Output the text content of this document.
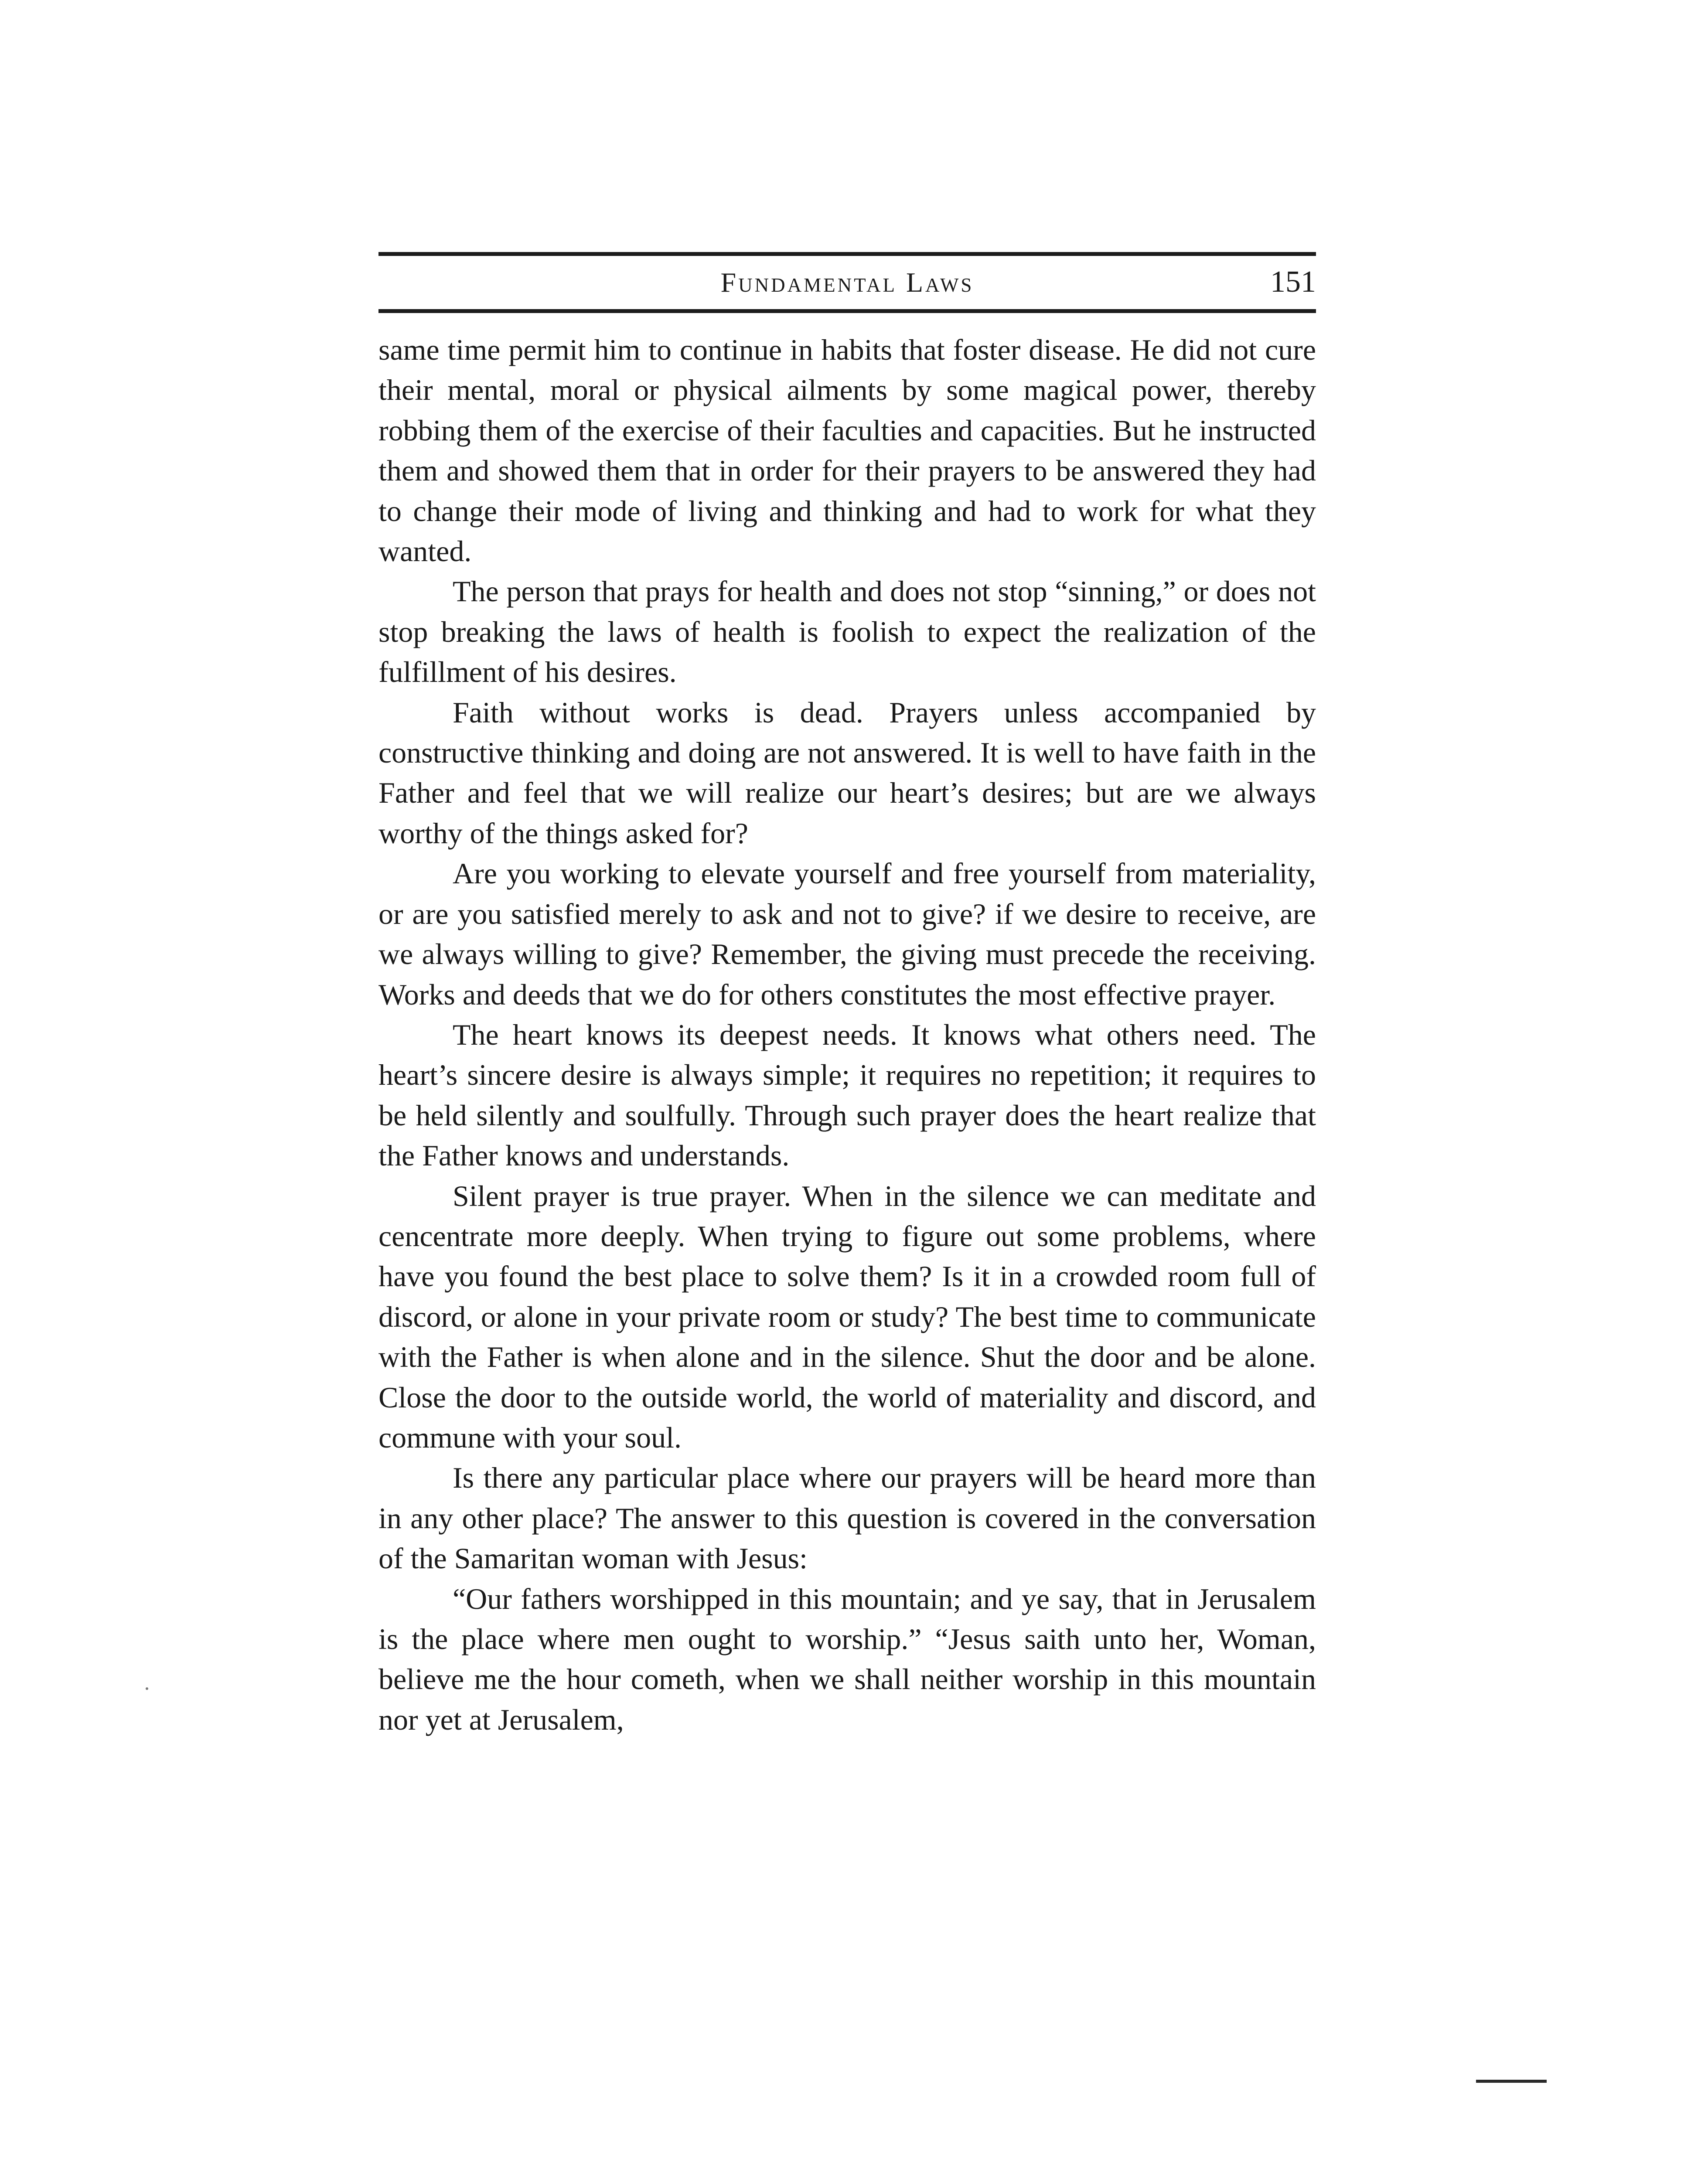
Fundamental Laws	151

same time permit him to continue in habits that foster disease. He did not cure their mental, moral or physical ailments by some magical power, thereby robbing them of the exercise of their faculties and capacities. But he instructed them and showed them that in order for their prayers to be answered they had to change their mode of living and thinking and had to work for what they wanted.

The person that prays for health and does not stop “sinning,” or does not stop breaking the laws of health is foolish to expect the realization of the fulfillment of his desires.

Faith without works is dead. Prayers unless accompanied by constructive thinking and doing are not answered. It is well to have faith in the Father and feel that we will realize our heart’s desires; but are we always worthy of the things asked for?

Are you working to elevate yourself and free yourself from materiality, or are you satisfied merely to ask and not to give? if we desire to receive, are we always willing to give? Remember, the giving must precede the receiving. Works and deeds that we do for others constitutes the most effective prayer.

The heart knows its deepest needs. It knows what others need. The heart’s sincere desire is always simple; it requires no repetition; it requires to be held silently and soulfully. Through such prayer does the heart realize that the Father knows and understands.

Silent prayer is true prayer. When in the silence we can meditate and cencentrate more deeply. When trying to figure out some problems, where have you found the best place to solve them? Is it in a crowded room full of discord, or alone in your private room or study? The best time to communicate with the Father is when alone and in the silence. Shut the door and be alone. Close the door to the outside world, the world of materiality and discord, and commune with your soul.

Is there any particular place where our prayers will be heard more than in any other place? The answer to this question is covered in the conversation of the Samaritan woman with Jesus:

“Our fathers worshipped in this mountain; and ye say, that in Jerusalem is the place where men ought to worship.” “Jesus saith unto her, Woman, believe me the hour cometh, when we shall neither worship in this mountain nor yet at Jerusalem,
